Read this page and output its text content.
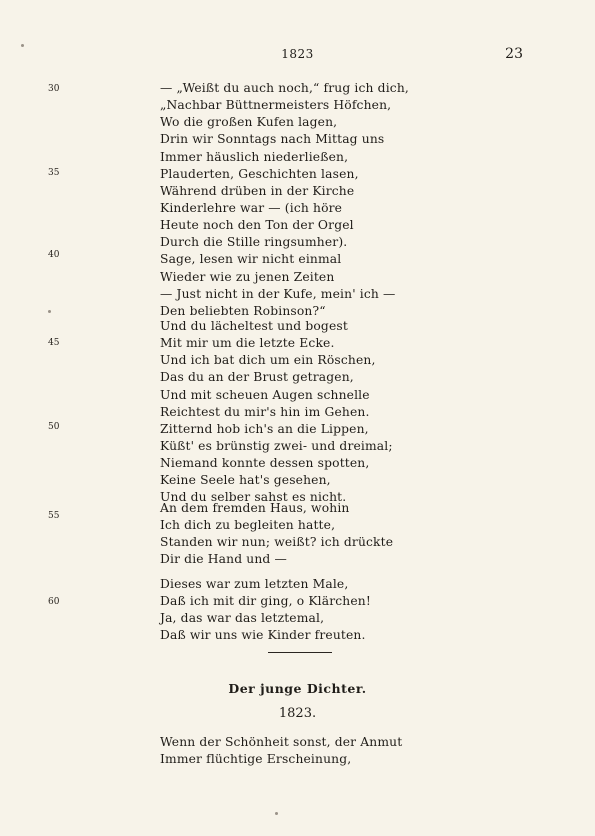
1823	23
30
35
40
45
50
55
60
— „Weißt du auch noch,“ frug ich dich,
„Nachbar Büttnermeisters Höfchen,
Wo die großen Kufen lagen,
Drin wir Sonntags nach Mittag uns
Immer häuslich niederließen,
Plauderten, Geschichten lasen,
Während drüben in der Kirche
Kinderlehre war — (ich höre
Heute noch den Ton der Orgel
Durch die Stille ringsumher).
Sage, lesen wir nicht einmal
Wieder wie zu jenen Zeiten
— Just nicht in der Kufe, mein' ich —
Den beliebten Robinson?“
Und du lächeltest und bogest
Mit mir um die letzte Ecke.
Und ich bat dich um ein Röschen,
Das du an der Brust getragen,
Und mit scheuen Augen schnelle
Reichtest du mir's hin im Gehen.
Zitternd hob ich's an die Lippen,
Küßt' es brünstig zwei- und dreimal;
Niemand konnte dessen spotten,
Keine Seele hat's gesehen,
Und du selber sahst es nicht.
An dem fremden Haus, wohin
Ich dich zu begleiten hatte,
Standen wir nun; weißt? ich drückte
Dir die Hand und —
Dieses war zum letzten Male,
Daß ich mit dir ging, o Klärchen!
Ja, das war das letztemal,
Daß wir uns wie Kinder freuten.
Der junge Dichter.
1823.
Wenn der Schönheit sonst, der Anmut
Immer flüchtige Erscheinung,
